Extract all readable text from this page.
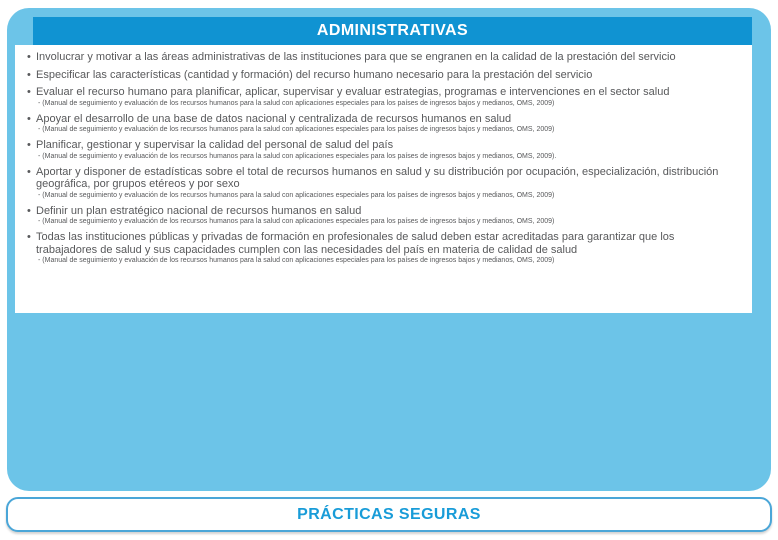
ADMINISTRATIVAS
• Involucrar y motivar a las áreas administrativas de las instituciones para que se engranen en la calidad de la prestación del servicio
• Especificar las características (cantidad y formación) del recurso humano necesario para la prestación del servicio
• Evaluar el recurso humano para planificar, aplicar, supervisar y evaluar estrategias, programas e intervenciones en el sector salud
- (Manual de seguimiento y evaluación de los recursos humanos para la salud con aplicaciones especiales para los países de ingresos bajos y medianos, OMS, 2009)
• Apoyar el desarrollo de una base de datos nacional y centralizada de recursos humanos en salud
- (Manual de seguimiento y evaluación de los recursos humanos para la salud con aplicaciones especiales para los países de ingresos bajos y medianos, OMS, 2009)
• Planificar, gestionar y supervisar la calidad del personal de salud del país
- (Manual de seguimiento y evaluación de los recursos humanos para la salud con aplicaciones especiales para los países de ingresos bajos y medianos, OMS, 2009).
• Aportar y disponer de estadísticas sobre el total de recursos humanos en salud y su distribución por ocupación, especialización, distribución geográfica, por grupos etéreos y por sexo
- (Manual de seguimiento y evaluación de los recursos humanos para la salud con aplicaciones especiales para los países de ingresos bajos y medianos, OMS, 2009)
• Definir un plan estratégico nacional de recursos humanos en salud
- (Manual de seguimiento y evaluación de los recursos humanos para la salud con aplicaciones especiales para los países de ingresos bajos y medianos, OMS, 2009)
• Todas las instituciones públicas y privadas de formación en profesionales de salud deben estar acreditadas para garantizar que los trabajadores de salud y sus capacidades cumplen con las necesidades del país en materia de calidad de salud
- (Manual de seguimiento y evaluación de los recursos humanos para la salud con aplicaciones especiales para los países de ingresos bajos y medianos, OMS, 2009)
PRÁCTICAS SEGURAS
